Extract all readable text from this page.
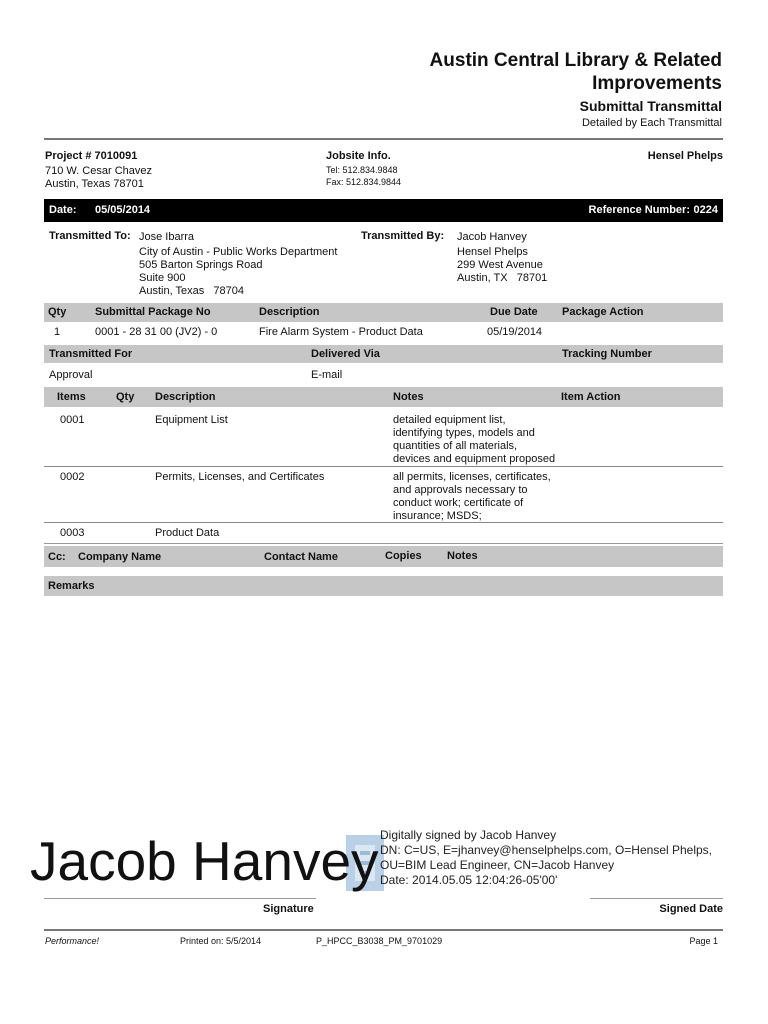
Austin Central Library & Related
Improvements
Submittal Transmittal
Detailed by Each Transmittal
Project # 7010091
710 W. Cesar Chavez
Austin, Texas 78701
Jobsite Info.
Tel: 512.834.9848
Fax: 512.834.9844
Hensel Phelps
Date: 05/05/2014	Reference Number: 0224
Transmitted To: Jose Ibarra
City of Austin - Public Works Department
505 Barton Springs Road
Suite 900
Austin, Texas   78704
Transmitted By: Jacob Hanvey
Hensel Phelps
299 West Avenue
Austin, TX   78701
Qty	Submittal Package No	Description	Due Date Package Action
1	0001 - 28 31 00 (JV2) - 0	Fire Alarm System - Product Data	05/19/2014
Transmitted For	Delivered Via	Tracking Number
Approval	E-mail
Items	Qty Description	Notes	Item Action
0001	Equipment List	detailed equipment list,
identifying types, models and
quantities of all materials,
devices and equipment proposed
0002	Permits, Licenses, and Certificates	all permits, licenses, certificates,
and approvals necessary to
conduct work; certificate of
insurance; MSDS;
0003	Product Data
Cc: Company Name	Contact Name	Copies Notes
Remarks
Jacob Hanvey Digitally signed by Jacob Hanvey
DN: C=US, E=jhanvey@henselphelps.com, O=Hensel Phelps,
OU=BIM Lead Engineer, CN=Jacob Hanvey
Date: 2014.05.05 12:04:26-05'00'
Signature	Signed Date
Performance!	Printed on: 5/5/2014	P_HPCC_B3038_PM_9701029	Page 1
